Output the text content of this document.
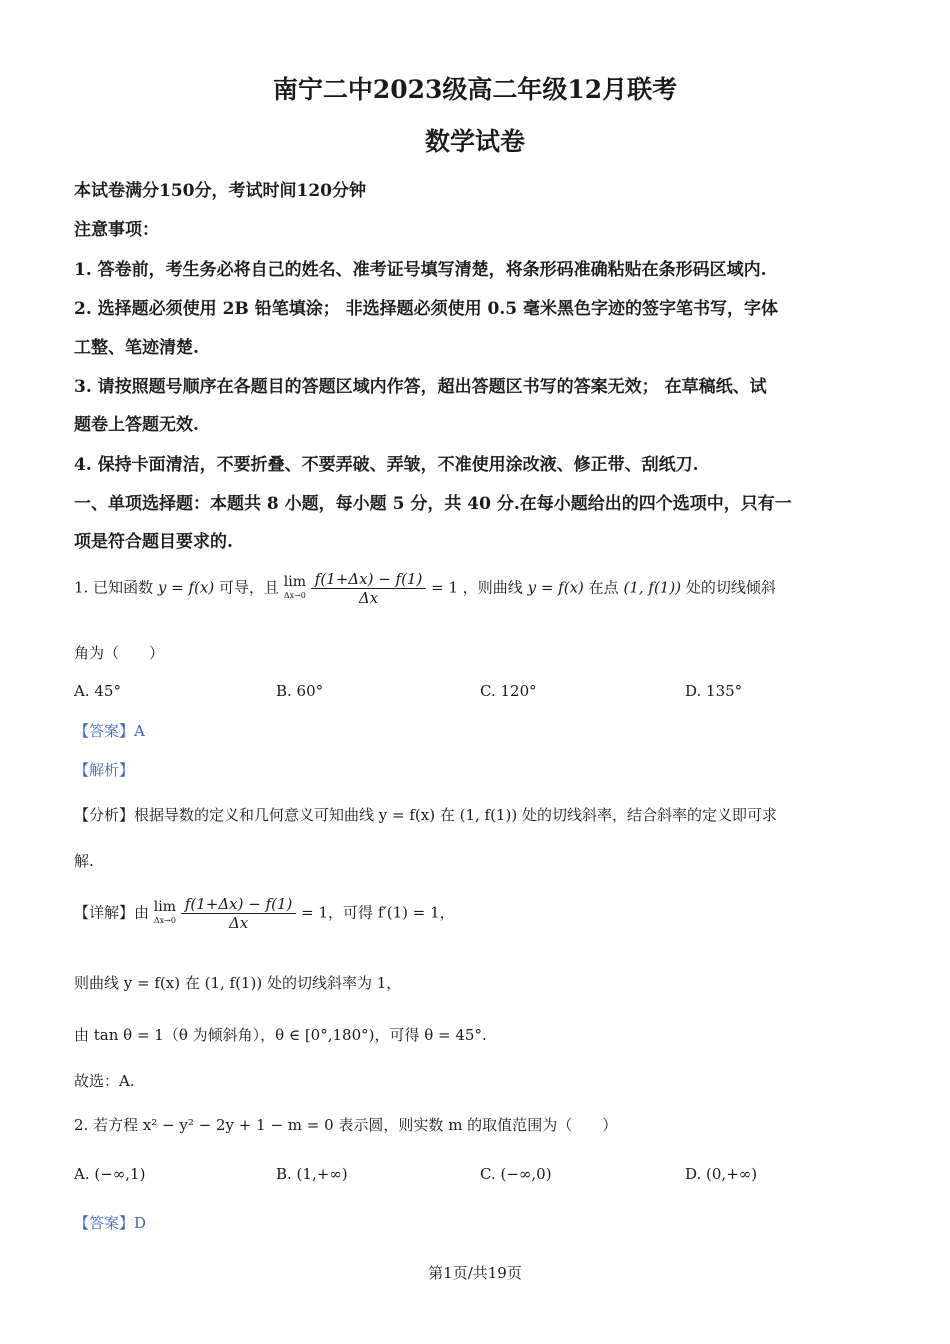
南宁二中2023级高二年级12月联考
数学试卷
本试卷满分150分，考试时间120分钟
注意事项：
1. 答卷前，考生务必将自己的姓名、准考证号填写清楚，将条形码准确粘贴在条形码区域内.
2. 选择题必须使用 2B 铅笔填涂； 非选择题必须使用 0.5 毫米黑色字迹的签字笔书写，字体
工整、笔迹清楚.
3. 请按照题号顺序在各题目的答题区域内作答，超出答题区书写的答案无效； 在草稿纸、试
题卷上答题无效.
4. 保持卡面清洁，不要折叠、不要弄破、弄皱，不准使用涂改液、修正带、刮纸刀.
一、单项选择题：本题共 8 小题，每小题 5 分，共 40 分.在每小题给出的四个选项中，只有一
项是符合题目要求的.
1. 已知函数 y = f(x) 可导，且 lim
Δx→0
$\frac{f(1+\Delta x) - f(1)}{\Delta x} = 1$ ，则曲线 y = f(x) 在点 (1, f(1)) 处的切线倾斜
角为（　　）
A. 45°	B. 60°	C. 120°	D. 135°
【答案】A
【解析】
【分析】根据导数的定义和几何意义可知曲线 y = f(x) 在 (1, f(1)) 处的切线斜率，结合斜率的定义即可求
解.
【详解】由 lim
Δx→0
$\frac{f(1+\Delta x) - f(1)}{\Delta x} = 1$，可得 f′(1) = 1，
则曲线 y = f(x) 在 (1, f(1)) 处的切线斜率为 1，
由 tan θ = 1（θ 为倾斜角），θ ∈ [0°,180°)，可得 θ = 45°.
故选：A.
2. 若方程 x² − y² − 2y + 1 − m = 0 表示圆，则实数 m 的取值范围为（　　）
A. (−∞,1)	B. (1,+∞)	C. (−∞,0)	D. (0,+∞)
【答案】D
第1页/共19页
